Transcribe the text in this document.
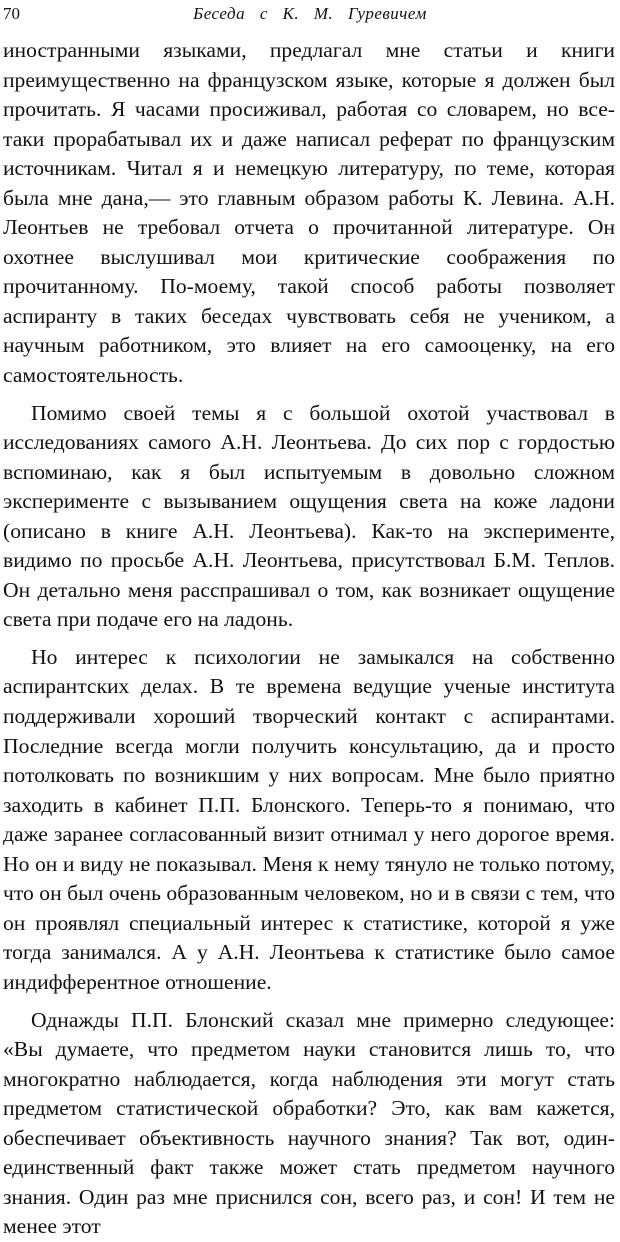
70	Беседа с К. М. Гуревичем

иностранными языками, предлагал мне статьи и книги преимущественно на французском языке, которые я должен был прочитать. Я часами просиживал, работая со словарем, но все-таки прорабатывал их и даже написал реферат по французским источникам. Читал я и немецкую литературу, по теме, которая была мне дана,— это главным образом работы К. Левина. А.Н. Леонтьев не требовал отчета о прочитанной литературе. Он охотнее выслушивал мои критические соображения по прочитанному. По-моему, такой способ работы позволяет аспиранту в таких беседах чувствовать себя не учеником, а научным работником, это влияет на его самооценку, на его самостоятельность.

Помимо своей темы я с большой охотой участвовал в исследованиях самого А.Н. Леонтьева. До сих пор с гордостью вспоминаю, как я был испытуемым в довольно сложном эксперименте с вызыванием ощущения света на коже ладони (описано в книге А.Н. Леонтьева). Как-то на эксперименте, видимо по просьбе А.Н. Леонтьева, присутствовал Б.М. Теплов. Он детально меня расспрашивал о том, как возникает ощущение света при подаче его на ладонь.

Но интерес к психологии не замыкался на собственно аспирантских делах. В те времена ведущие ученые института поддерживали хороший творческий контакт с аспирантами. Последние всегда могли получить консультацию, да и просто потолковать по возникшим у них вопросам. Мне было приятно заходить в кабинет П.П. Блонского. Теперь-то я понимаю, что даже заранее согласованный визит отнимал у него дорогое время. Но он и виду не показывал. Меня к нему тянуло не только потому, что он был очень образованным человеком, но и в связи с тем, что он проявлял специальный интерес к статистике, которой я уже тогда занимался. А у А.Н. Леонтьева к статистике было самое индифферентное отношение.

Однажды П.П. Блонский сказал мне примерно следующее: «Вы думаете, что предметом науки становится лишь то, что многократно наблюдается, когда наблюдения эти могут стать предметом статистической обработки? Это, как вам кажется, обеспечивает объективность научного знания? Так вот, один-единственный факт также может стать предметом научного знания. Один раз мне приснился сон, всего раз, и сон! И тем не менее этот
